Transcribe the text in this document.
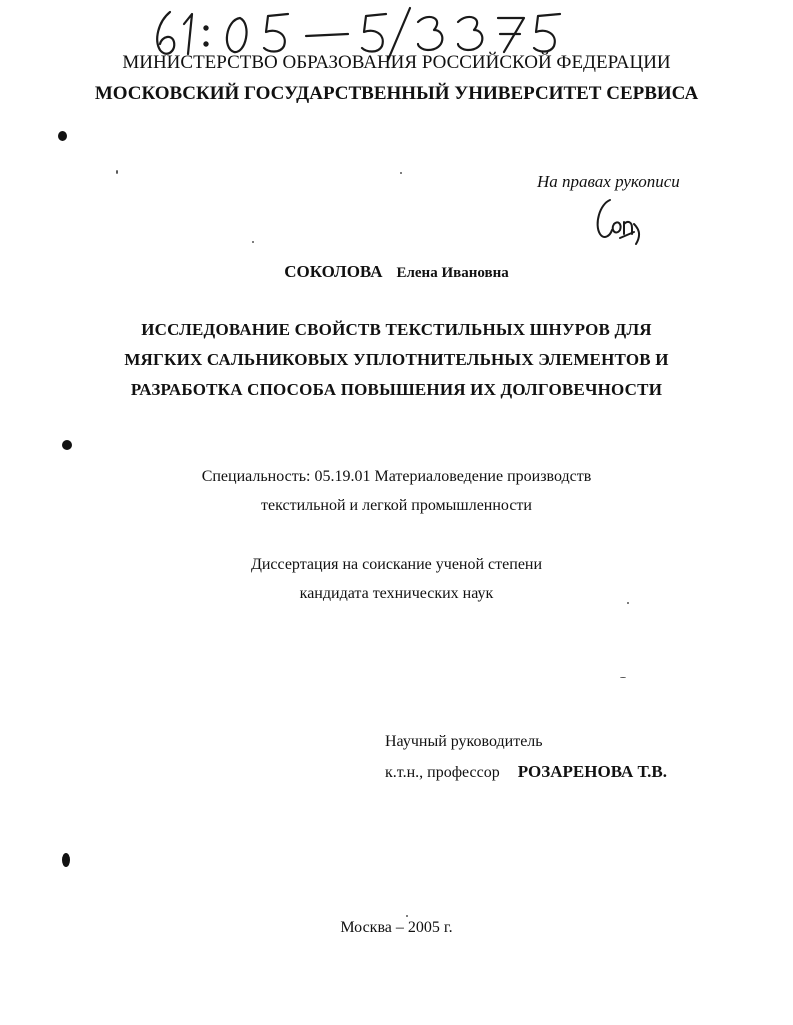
МИНИСТЕРСТВО ОБРАЗОВАНИЯ РОССИЙСКОЙ ФЕДЕРАЦИИ
МОСКОВСКИЙ ГОСУДАРСТВЕННЫЙ УНИВЕРСИТЕТ СЕРВИСА
На правах рукописи
СОКОЛОВА Елена Ивановна
ИССЛЕДОВАНИЕ СВОЙСТВ ТЕКСТИЛЬНЫХ ШНУРОВ ДЛЯ
МЯГКИХ САЛЬНИКОВЫХ УПЛОТНИТЕЛЬНЫХ ЭЛЕМЕНТОВ И
РАЗРАБОТКА СПОСОБА ПОВЫШЕНИЯ ИХ ДОЛГОВЕЧНОСТИ
Специальность: 05.19.01 Материаловедение производств
текстильной и легкой промышленности
Диссертация на соискание ученой степени
кандидата технических наук
Научный руководитель
к.т.н., профессор РОЗАРЕНОВА Т.В.
Москва – 2005 г.
